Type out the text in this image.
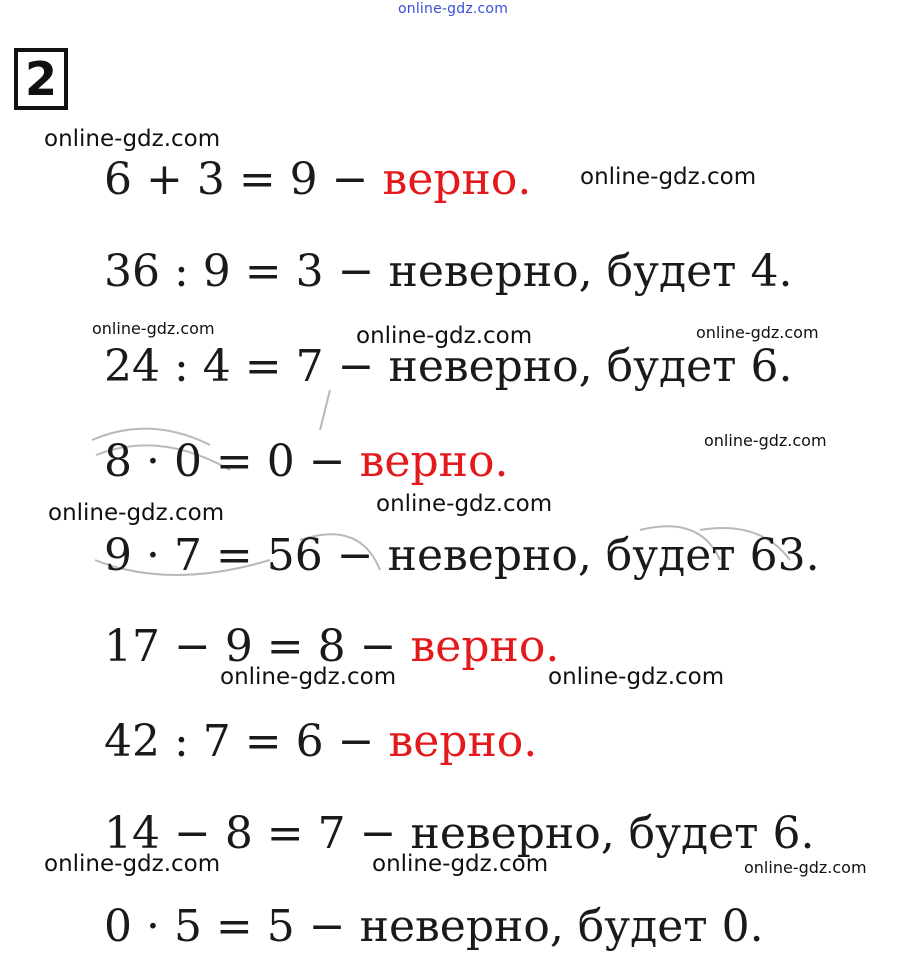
online-gdz.com
2
6 + 3 = 9 − верно.
36 : 9 = 3 − неверно, будет 4.
24 : 4 = 7 − неверно, будет 6.
8 · 0 = 0 − верно.
9 · 7 = 56 − неверно, будет 63.
17 − 9 = 8 − верно.
42 : 7 = 6 − верно.
14 − 8 = 7 − неверно, будет 6.
0 · 5 = 5 − неверно, будет 0.
online-gdz.com
online-gdz.com
online-gdz.com	online-gdz.com	online-gdz.com
online-gdz.com
online-gdz.com
online-gdz.com
online-gdz.com	online-gdz.com
online-gdz.com	online-gdz.com	online-gdz.com
